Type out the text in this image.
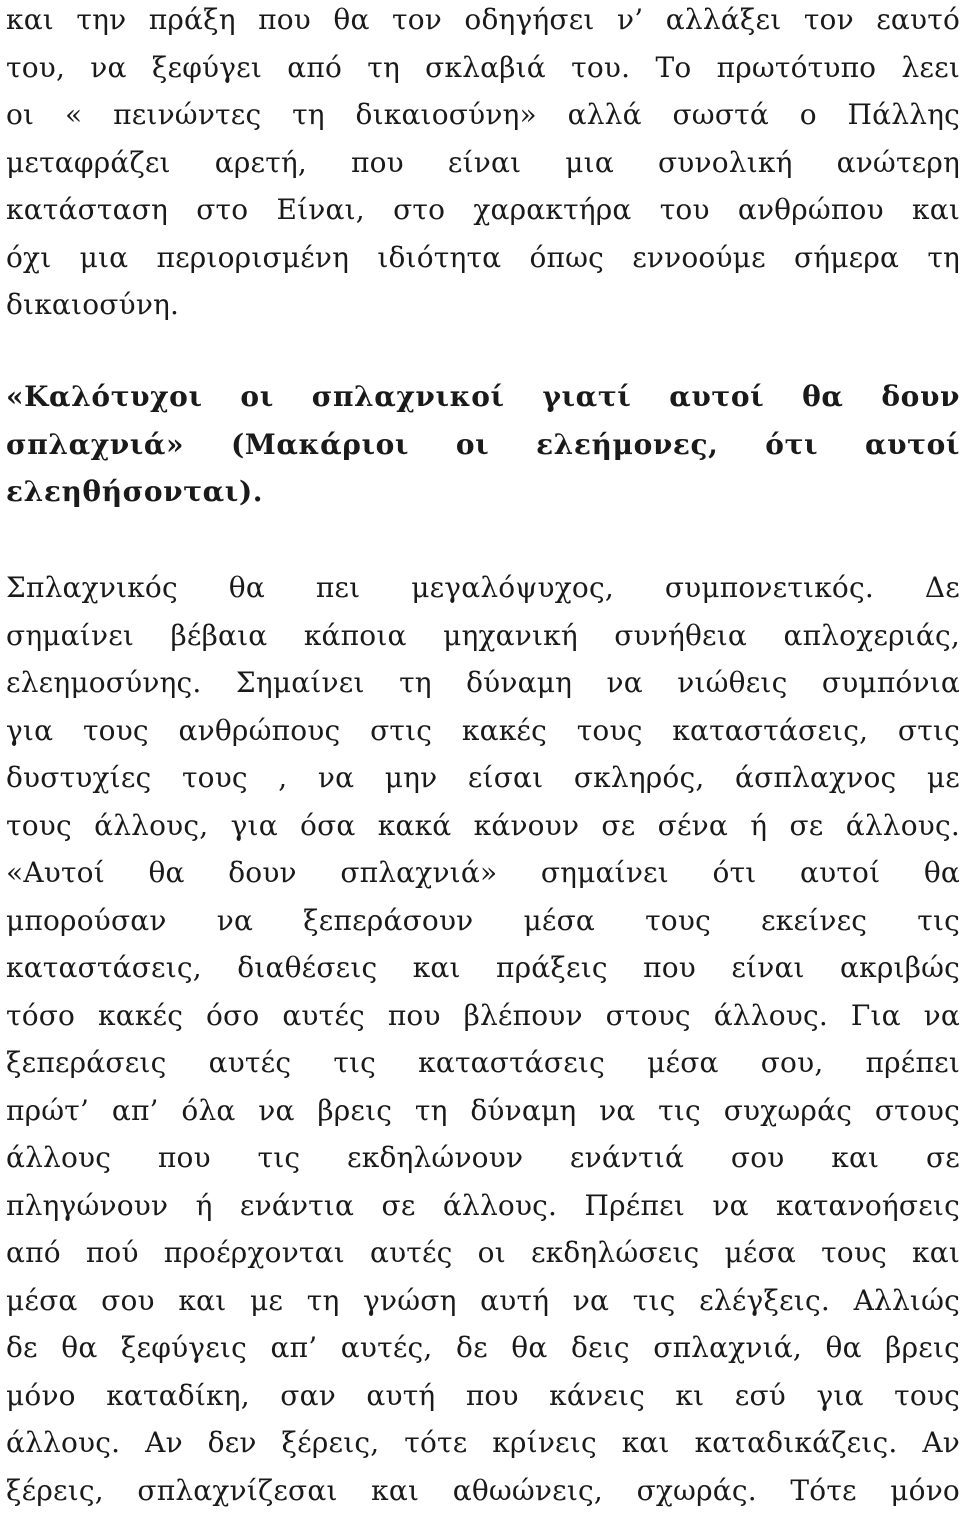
και την πράξη που θα τον οδηγήσει ν’ αλλάξει τον εαυτό
του, να ξεφύγει από τη σκλαβιά του. Το πρωτότυπο λεει
οι « πεινώντες τη δικαιοσύνη» αλλά σωστά ο Πάλλης
μεταφράζει αρετή, που είναι μια συνολική ανώτερη
κατάσταση στο Είναι, στο χαρακτήρα του ανθρώπου και
όχι μια περιορισμένη ιδιότητα όπως εννοούμε σήμερα τη
δικαιοσύνη.
«Καλότυχοι οι σπλαχνικοί γιατί αυτοί θα δουν
σπλαχνιά» (Μακάριοι οι ελεήμονες, ότι αυτοί
ελεηθήσονται).
Σπλαχνικός θα πει μεγαλόψυχος, συμπονετικός. Δε
σημαίνει βέβαια κάποια μηχανική συνήθεια απλοχεριάς,
ελεημοσύνης. Σημαίνει τη δύναμη να νιώθεις συμπόνια
για τους ανθρώπους στις κακές τους καταστάσεις, στις
δυστυχίες τους , να μην είσαι σκληρός, άσπλαχνος με
τους άλλους, για όσα κακά κάνουν σε σένα ή σε άλλους.
«Αυτοί θα δουν σπλαχνιά» σημαίνει ότι αυτοί θα
μπορούσαν να ξεπεράσουν μέσα τους εκείνες τις
καταστάσεις, διαθέσεις και πράξεις που είναι ακριβώς
τόσο κακές όσο αυτές που βλέπουν στους άλλους. Για να
ξεπεράσεις αυτές τις καταστάσεις μέσα σου, πρέπει
πρώτ’ απ’ όλα να βρεις τη δύναμη να τις συχωράς στους
άλλους που τις εκδηλώνουν ενάντιά σου και σε
πληγώνουν ή ενάντια σε άλλους. Πρέπει να κατανοήσεις
από πού προέρχονται αυτές οι εκδηλώσεις μέσα τους και
μέσα σου και με τη γνώση αυτή να τις ελέγξεις. Αλλιώς
δε θα ξεφύγεις απ’ αυτές, δε θα δεις σπλαχνιά, θα βρεις
μόνο καταδίκη, σαν αυτή που κάνεις κι εσύ για τους
άλλους. Αν δεν ξέρεις, τότε κρίνεις και καταδικάζεις. Αν
ξέρεις, σπλαχνίζεσαι και αθωώνεις, σχωράς. Τότε μόνο
